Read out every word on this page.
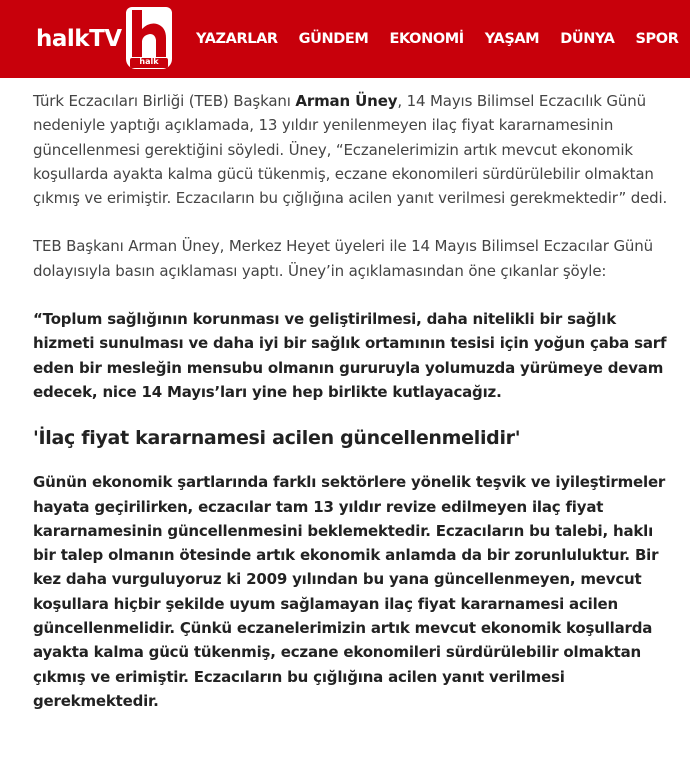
halkTV
halk
YAZARLAR GÜNDEM EKONOMİ YAŞAM DÜNYA SPOR

Türk Eczacıları Birliği (TEB) Başkanı Arman Üney, 14 Mayıs Bilimsel Eczacılık Günü nedeniyle yaptığı açıklamada, 13 yıldır yenilenmeyen ilaç fiyat kararnamesinin güncellenmesi gerektiğini söyledi. Üney, “Eczanelerimizin artık mevcut ekonomik koşullarda ayakta kalma gücü tükenmiş, eczane ekonomileri sürdürülebilir olmaktan çıkmış ve erimiştir. Eczacıların bu çığlığına acilen yanıt verilmesi gerekmektedir” dedi.

TEB Başkanı Arman Üney, Merkez Heyet üyeleri ile 14 Mayıs Bilimsel Eczacılar Günü dolayısıyla basın açıklaması yaptı. Üney’in açıklamasından öne çıkanlar şöyle:

“Toplum sağlığının korunması ve geliştirilmesi, daha nitelikli bir sağlık hizmeti sunulması ve daha iyi bir sağlık ortamının tesisi için yoğun çaba sarf eden bir mesleğin mensubu olmanın gururuyla yolumuzda yürümeye devam edecek, nice 14 Mayıs’ları yine hep birlikte kutlayacağız.

'İlaç fiyat kararnamesi acilen güncellenmelidir'

Günün ekonomik şartlarında farklı sektörlere yönelik teşvik ve iyileştirmeler hayata geçirilirken, eczacılar tam 13 yıldır revize edilmeyen ilaç fiyat kararnamesinin güncellenmesini beklemektedir. Eczacıların bu talebi, haklı bir talep olmanın ötesinde artık ekonomik anlamda da bir zorunluluktur. Bir kez daha vurguluyoruz ki 2009 yılından bu yana güncellenmeyen, mevcut koşullara hiçbir şekilde uyum sağlamayan ilaç fiyat kararnamesi acilen güncellenmelidir. Çünkü eczanelerimizin artık mevcut ekonomik koşullarda ayakta kalma gücü tükenmiş, eczane ekonomileri sürdürülebilir olmaktan çıkmış ve erimiştir. Eczacıların bu çığlığına acilen yanıt verilmesi gerekmektedir.
